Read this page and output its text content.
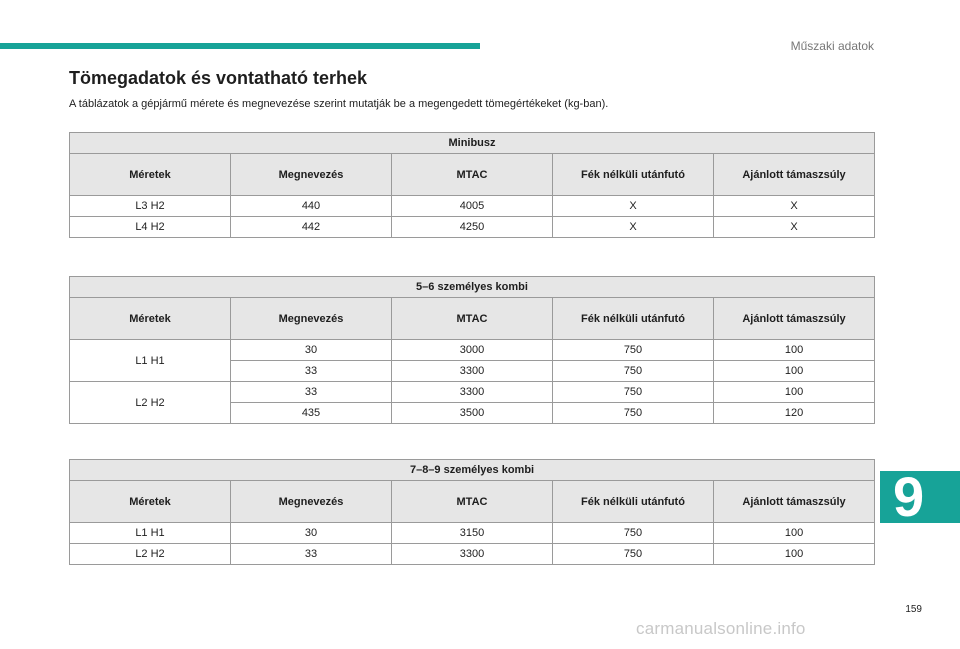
Műszaki adatok
Tömegadatok és vontatható terhek

A táblázatok a gépjármű mérete és megnevezése szerint mutatják be a megengedett tömegértékeket (kg-ban).

Minibusz				
Méretek	Megnevezés	MTAC	Fék nélküli utánfutó	Ajánlott támaszsúly
L3 H2	440	4005	X	X
L4 H2	442	4250	X	X
5–6 személyes kombi				
Méretek	Megnevezés	MTAC	Fék nélküli utánfutó	Ajánlott támaszsúly
L1 H1	30	3000	750	100
	33	3300	750	100
L2 H2	33	3300	750	100
	435	3500	750	120
7–8–9 személyes kombi				
Méretek	Megnevezés	MTAC	Fék nélküli utánfutó	Ajánlott támaszsúly
L1 H1	30	3150	750	100
L2 H2	33	3300	750	100
9
159
carmanualsonline.info
